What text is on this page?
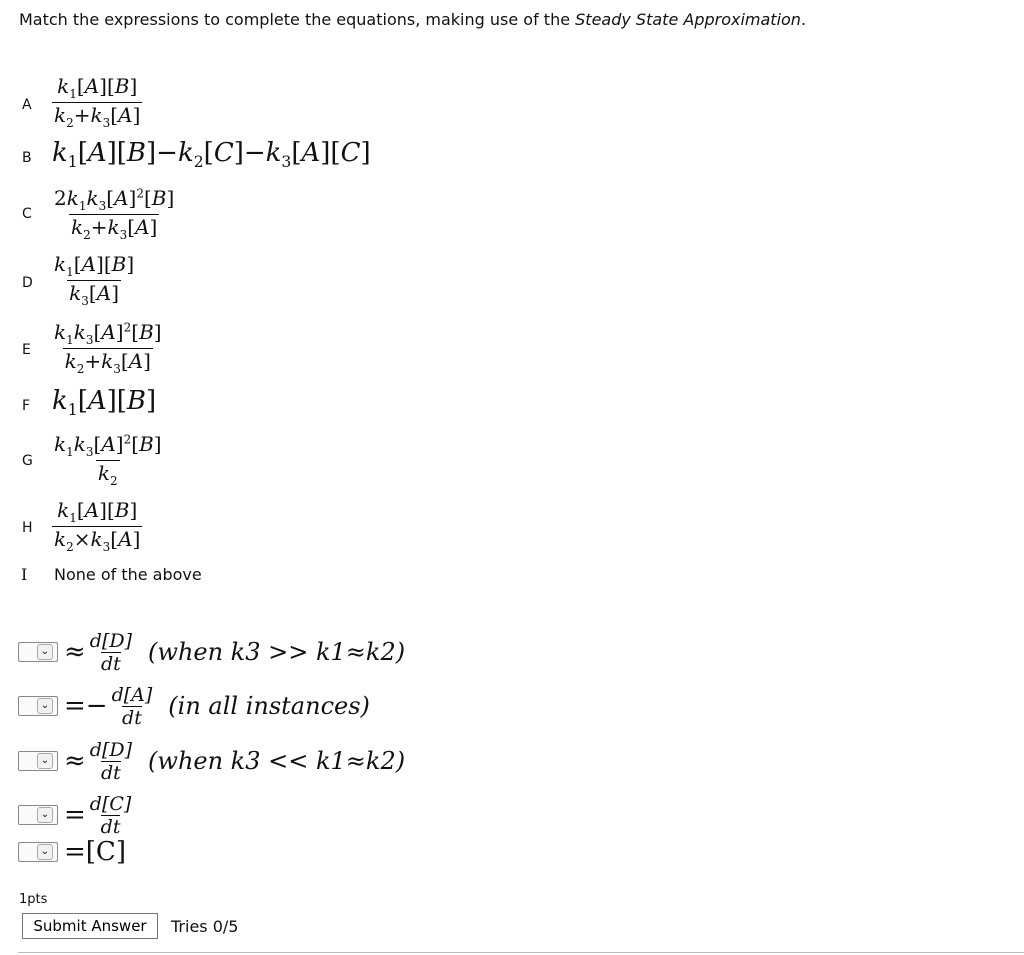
Match the expressions to complete the equations, making use of the Steady State Approximation.
A $\frac{k_1[A][B]}{k_2+k_3[A]}$
B $k_1[A][B]-k_2[C]-k_3[A][C]$
C $\frac{2k_1k_3[A]^2[B]}{k_2+k_3[A]}$
D $\frac{k_1[A][B]}{k_3[A]}$
E $\frac{k_1k_3[A]^2[B]}{k_2+k_3[A]}$
F $k_1[A][B]$
G $\frac{k_1k_3[A]^2[B]}{k_2}$
H $\frac{k_1[A][B]}{k_2\times k_3[A]}$
I None of the above
⌄ ≈ $\frac{d[D]}{dt}$ (when k3 >> k1≈k2)
⌄ =− $\frac{d[A]}{dt} (in$ all instances)
⌄ ≈ $\frac{d[D]}{dt}$ (when k3 << k1≈k2)
⌄ = $\frac{d[C]}{dt}$
⌄ =[C]
1pts
Submit Answer	Tries 0/5
